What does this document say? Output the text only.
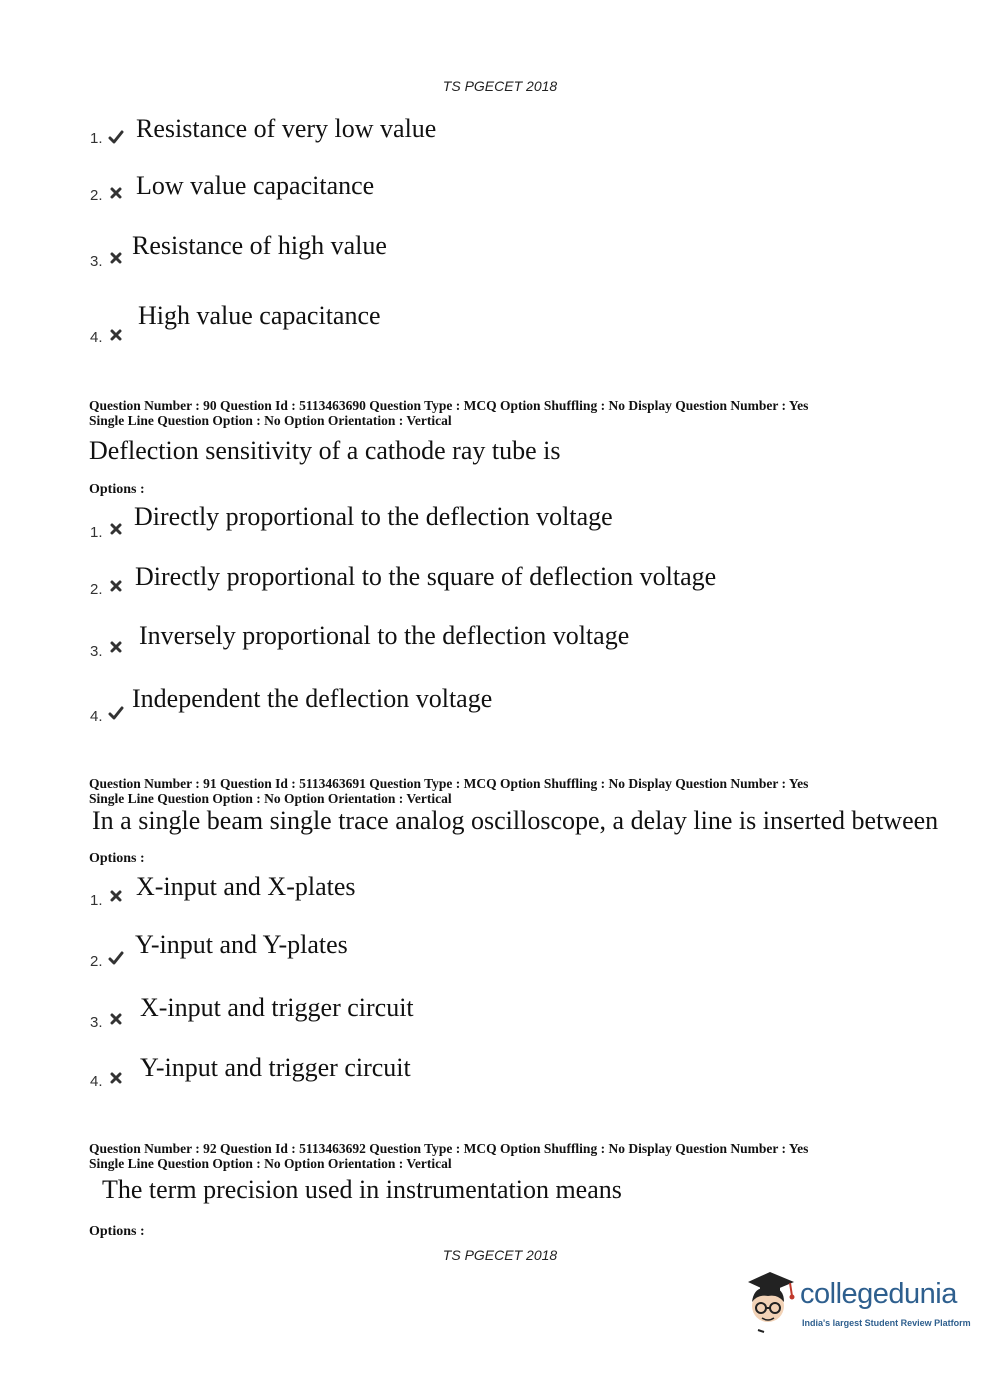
TS PGECET 2018
1. Resistance of very low value
2. Low value capacitance
3.
Resistance of high value
4.
High value capacitance
Question Number : 90 Question Id : 5113463690 Question Type : MCQ Option Shuffling : No Display Question Number : Yes
Single Line Question Option : No Option Orientation : Vertical
Deflection sensitivity of a cathode ray tube is
Options :
1.
Directly proportional to the deflection voltage
2. Directly proportional to the square of deflection voltage
3.
Inversely proportional to the deflection voltage
4.
Independent the deflection voltage
Question Number : 91 Question Id : 5113463691 Question Type : MCQ Option Shuffling : No Display Question Number : Yes
Single Line Question Option : No Option Orientation : Vertical
In a single beam single trace analog oscilloscope, a delay line is inserted between
Options :
1. X-input and X-plates
2.
Y-input and Y-plates
3.
X-input and trigger circuit
4. Y-input and trigger circuit
Question Number : 92 Question Id : 5113463692 Question Type : MCQ Option Shuffling : No Display Question Number : Yes
Single Line Question Option : No Option Orientation : Vertical
The term precision used in instrumentation means
Options :
TS PGECET 2018
collegedunia
India's largest Student Review Platform
